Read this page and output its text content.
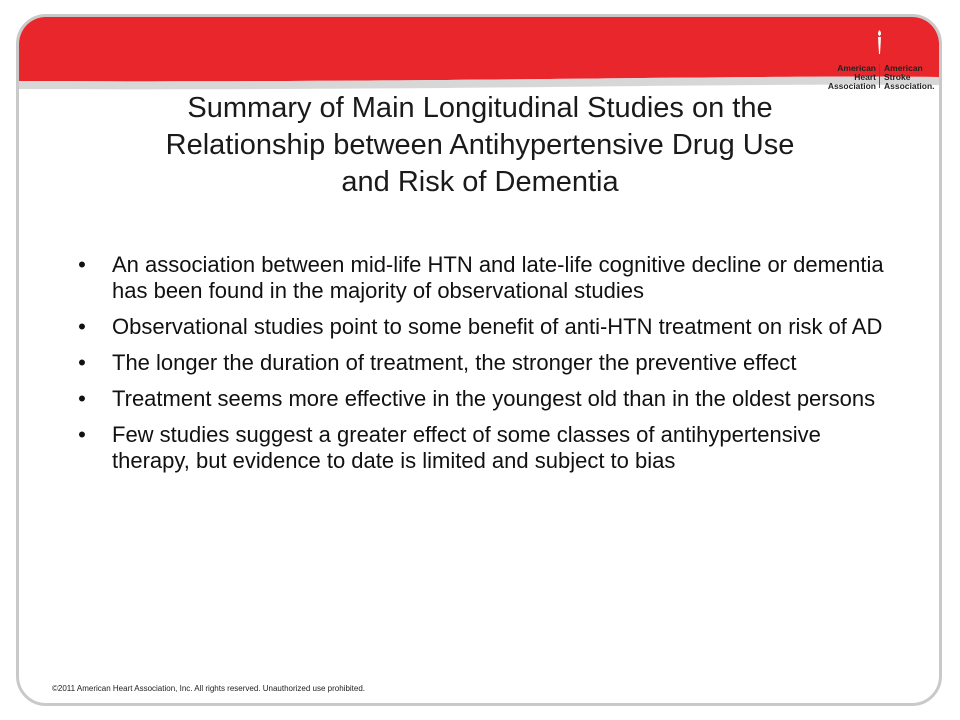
American
Heart
Association
American
Stroke
Association.
Summary of Main Longitudinal Studies on the
Relationship between Antihypertensive Drug Use
and Risk of Dementia
• An association between mid-life HTN and late-life cognitive decline or dementia has been found in the majority of observational studies
• Observational studies point to some benefit of anti-HTN treatment on risk of AD
• The longer the duration of treatment, the stronger the preventive effect
• Treatment seems more effective in the youngest old than in the oldest persons
• Few studies suggest a greater effect of some classes of antihypertensive therapy, but evidence to date is limited and subject to bias
©2011 American Heart Association, Inc. All rights reserved. Unauthorized use prohibited.
